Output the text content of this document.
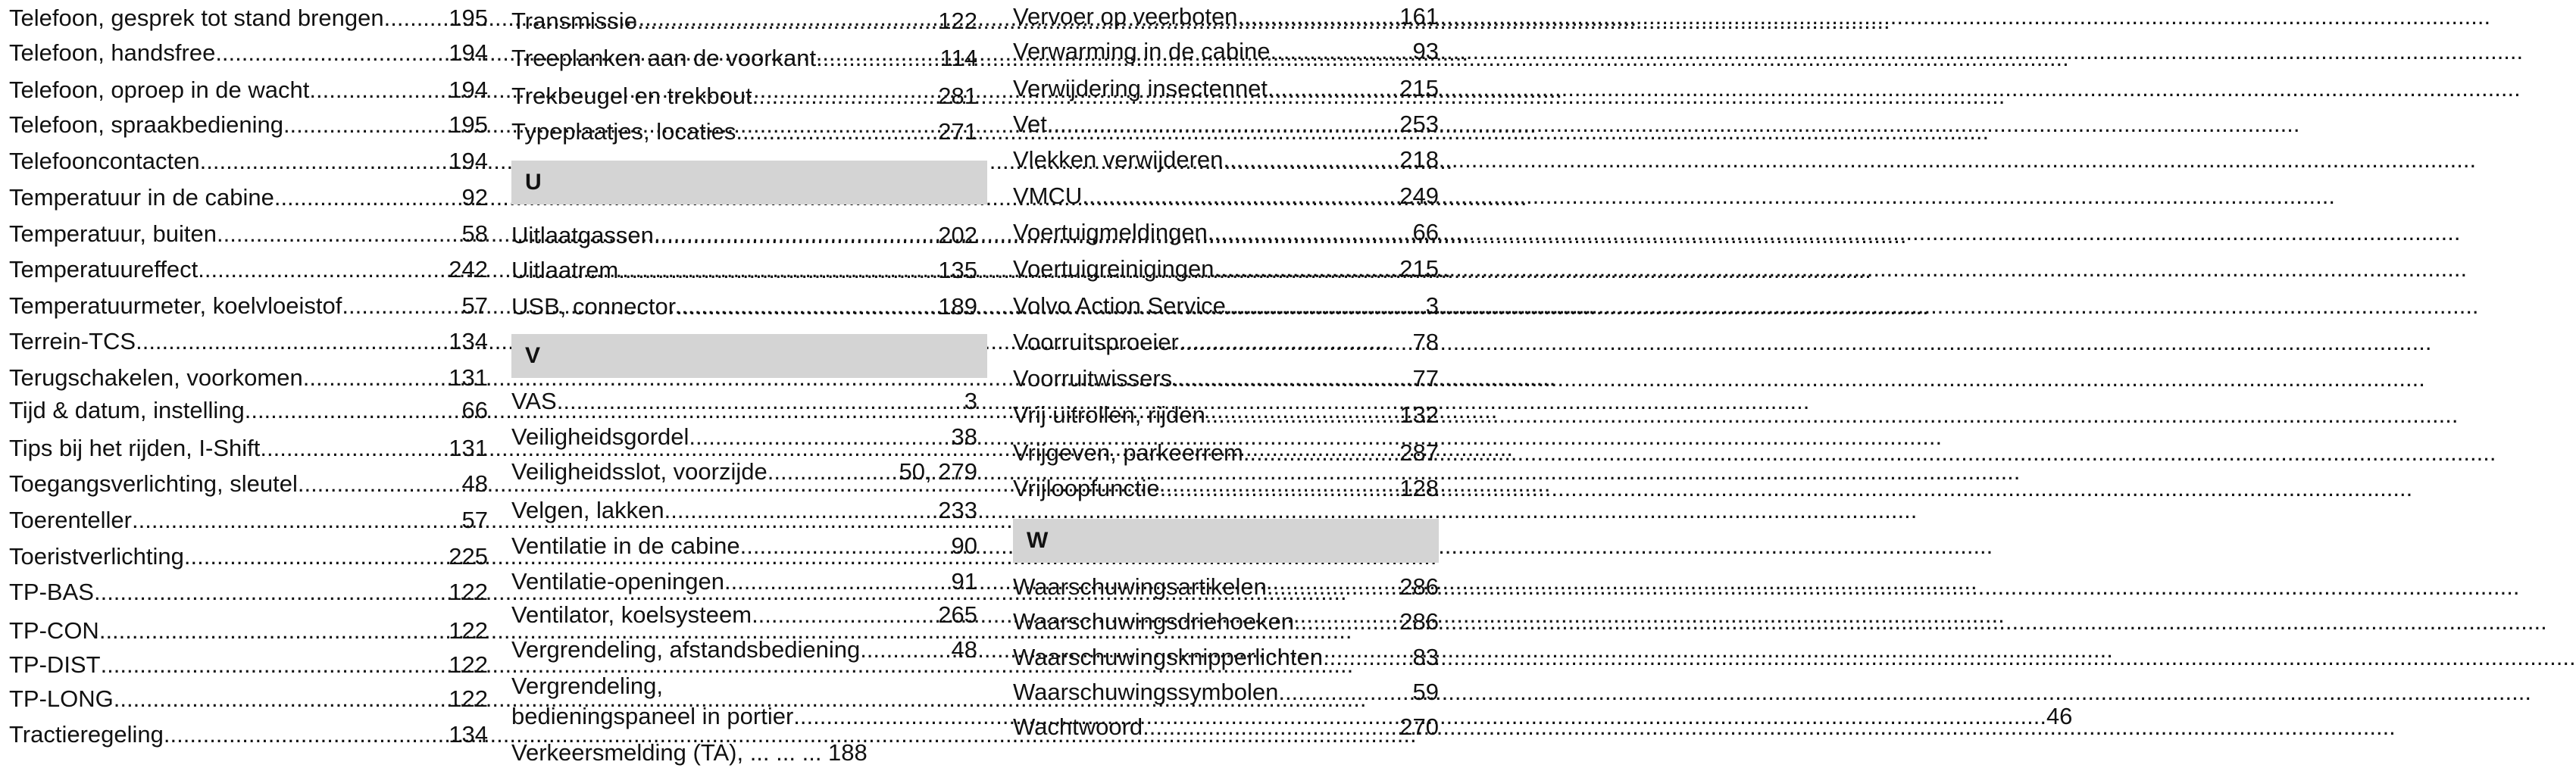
Telefoon, gesprek tot stand brengen .....	195
Telefoon, handsfree .....	194
Telefoon, oproep in de wacht .....	194
Telefoon, spraakbediening .....	195
Telefooncontacten .....	194
Temperatuur in de cabine .....	92
Temperatuur, buiten .....	58
Temperatuureffect .....	242
Temperatuurmeter, koelvloeistof .....	57
Terrein-TCS .....	134
Terugschakelen, voorkomen .....	131
Tijd & datum, instelling .....	66
Tips bij het rijden, I-Shift .....	131
Toegangsverlichting, sleutel .....	48
Toerenteller .....	57
Toeristverlichting .....	225
TP-BAS .....	122
TP-CON .....	122
TP-DIST .....	122
TP-LONG .....	122
Tractieregeling .....	134
Transmissie .....	122
Treeplanken aan de voorkant .....	114
Trekbeugel en trekbout .....	281
Typeplaatjes, locaties .....	271
U
Uitlaatgassen .....	202
Uitlaatrem .....	135
USB, connector .....	189
V
VAS .....	3
Veiligheidsgordel .....	38
Veiligheidsslot, voorzijde .....	50, 279
Velgen, lakken .....	233
Ventilatie in de cabine .....	90
Ventilatie-openingen .....	91
Ventilator, koelsysteem .....	265
Vergrendeling, afstandsbediening .....	48
Vergrendeling,
bedieningspaneel in portier .....	46
Verkeersmelding (TA), ... ... ... 188
Vervoer op veerboten .....	161
Verwarming in de cabine .....	93
Verwijdering insectennet .....	215
Vet .....	253
Vlekken verwijderen .....	218
VMCU .....	249
Voertuigmeldingen .....	66
Voertuigreinigingen .....	215
Volvo Action Service .....	3
Voorruitsproeier .....	78
Voorruitwissers .....	77
Vrij uitrollen, rijden .....	132
Vrijgeven, parkeerrem .....	287
Vrijloopfunctie .....	128
W
Waarschuwingsartikelen .....	286
Waarschuwingsdriehoeken .....	286
Waarschuwingsknipperlichten .....	83
Waarschuwingssymbolen .....	59
Wachtwoord .....	270
